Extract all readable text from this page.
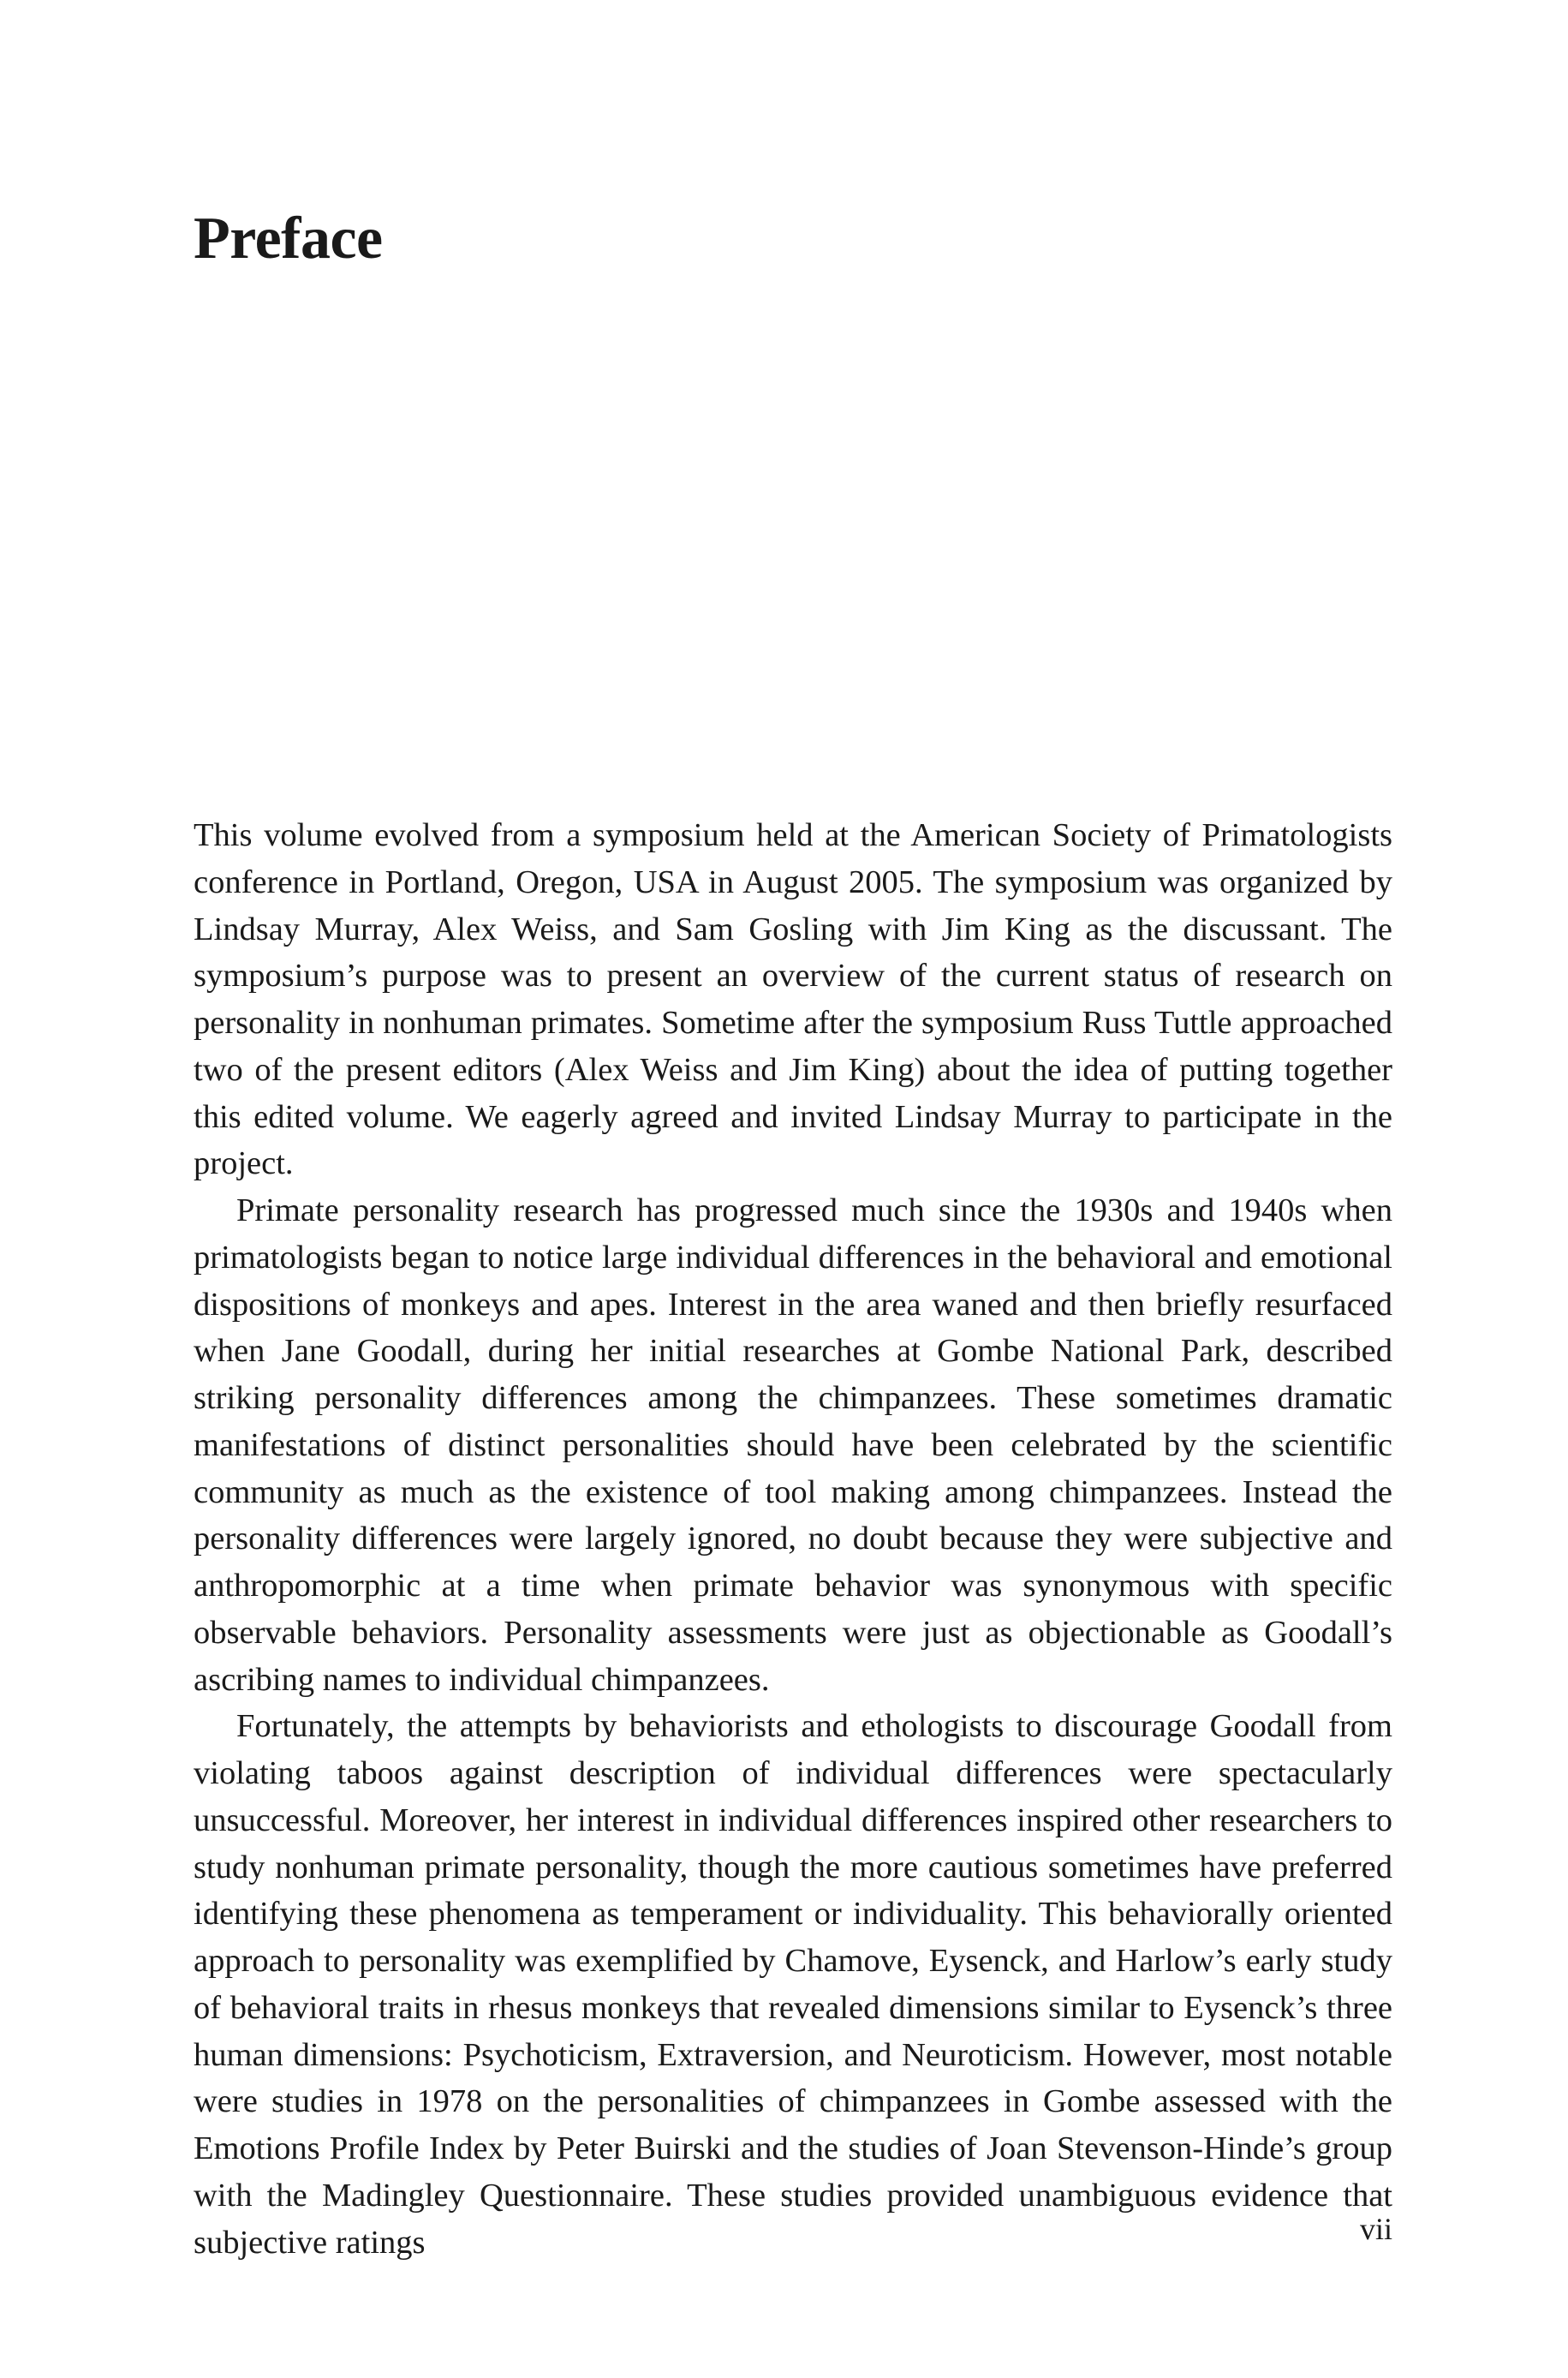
Preface

This volume evolved from a symposium held at the American Society of Primatologists conference in Portland, Oregon, USA in August 2005. The symposium was organized by Lindsay Murray, Alex Weiss, and Sam Gosling with Jim King as the discussant. The symposium’s purpose was to present an overview of the current status of research on personality in nonhuman primates. Sometime after the symposium Russ Tuttle approached two of the present editors (Alex Weiss and Jim King) about the idea of putting together this edited volume. We eagerly agreed and invited Lindsay Murray to participate in the project.

Primate personality research has progressed much since the 1930s and 1940s when primatologists began to notice large individual differences in the behavioral and emotional dispositions of monkeys and apes. Interest in the area waned and then briefly resurfaced when Jane Goodall, during her initial researches at Gombe National Park, described striking personality differences among the chimpanzees. These sometimes dramatic manifestations of distinct personalities should have been celebrated by the scientific community as much as the existence of tool making among chimpanzees. Instead the personality differences were largely ignored, no doubt because they were subjective and anthropomorphic at a time when primate behavior was synonymous with specific observable behaviors. Personality assessments were just as objectionable as Goodall’s ascribing names to individual chimpanzees.

Fortunately, the attempts by behaviorists and ethologists to discourage Goodall from violating taboos against description of individual differences were spectacularly unsuccessful. Moreover, her interest in individual differences inspired other researchers to study nonhuman primate personality, though the more cautious sometimes have preferred identifying these phenomena as temperament or individuality. This behaviorally oriented approach to personality was exemplified by Chamove, Eysenck, and Harlow’s early study of behavioral traits in rhesus monkeys that revealed dimensions similar to Eysenck’s three human dimensions: Psychoticism, Extraversion, and Neuroticism. However, most notable were studies in 1978 on the personalities of chimpanzees in Gombe assessed with the Emotions Profile Index by Peter Buirski and the studies of Joan Stevenson-Hinde’s group with the Madingley Questionnaire. These studies provided unambiguous evidence that subjective ratings	vii
